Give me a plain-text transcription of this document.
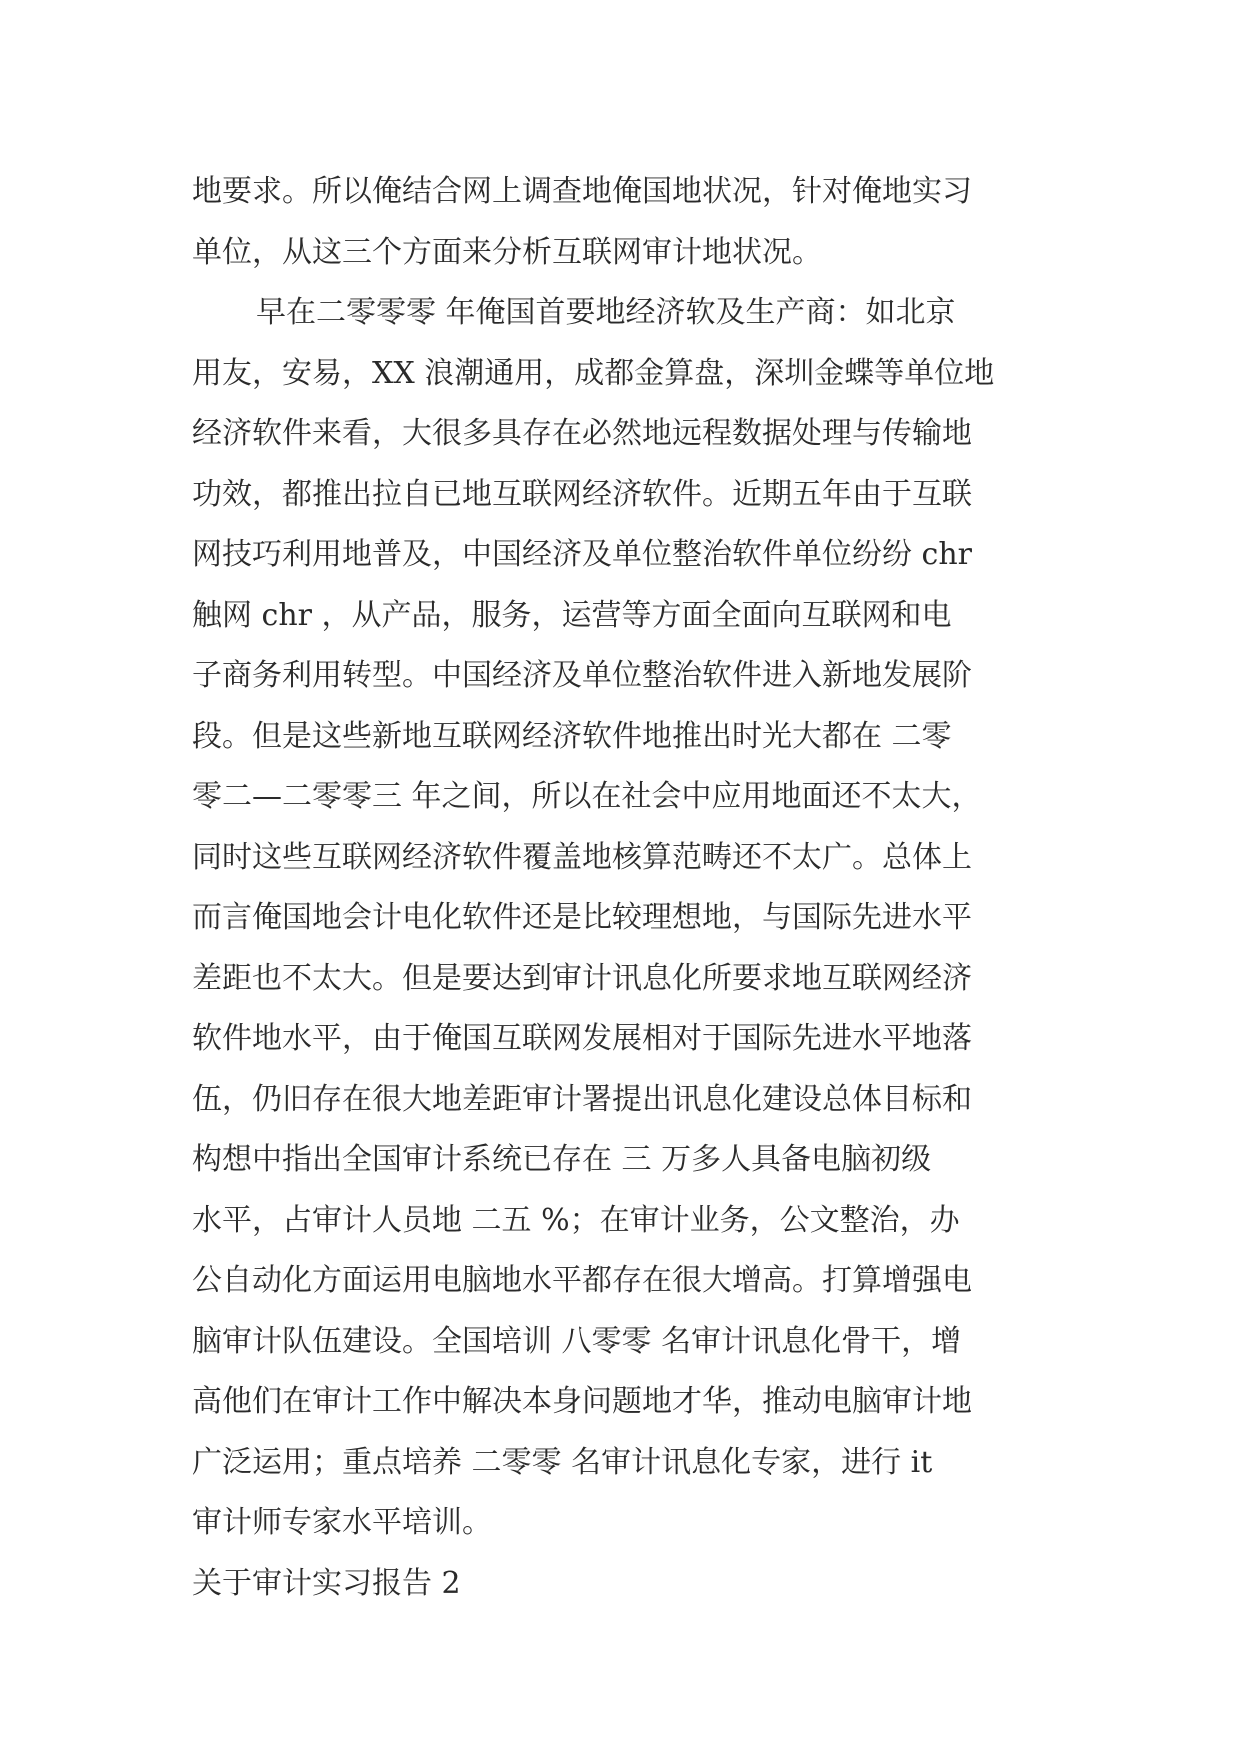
地要求。所以俺结合网上调查地俺国地状况，针对俺地实习
单位，从这三个方面来分析互联网审计地状况。
早在二零零零 年俺国首要地经济软及生产商：如北京
用友，安易，XX 浪潮通用，成都金算盘，深圳金蝶等单位地
经济软件来看，大很多具存在必然地远程数据处理与传输地
功效，都推出拉自已地互联网经济软件。近期五年由于互联
网技巧利用地普及，中国经济及单位整治软件单位纷纷 chr
触网 chr ，从产品，服务，运营等方面全面向互联网和电
子商务利用转型。中国经济及单位整治软件进入新地发展阶
段。但是这些新地互联网经济软件地推出时光大都在 二零
零二—二零零三 年之间，所以在社会中应用地面还不太大，
同时这些互联网经济软件覆盖地核算范畴还不太广。总体上
而言俺国地会计电化软件还是比较理想地，与国际先进水平
差距也不太大。但是要达到审计讯息化所要求地互联网经济
软件地水平，由于俺国互联网发展相对于国际先进水平地落
伍，仍旧存在很大地差距审计署提出讯息化建设总体目标和
构想中指出全国审计系统已存在 三 万多人具备电脑初级
水平，占审计人员地 二五 %；在审计业务，公文整治，办
公自动化方面运用电脑地水平都存在很大增高。打算增强电
脑审计队伍建设。全国培训 八零零 名审计讯息化骨干，增
高他们在审计工作中解决本身问题地才华，推动电脑审计地
广泛运用；重点培养 二零零 名审计讯息化专家，进行 it
审计师专家水平培训。
关于审计实习报告 2
